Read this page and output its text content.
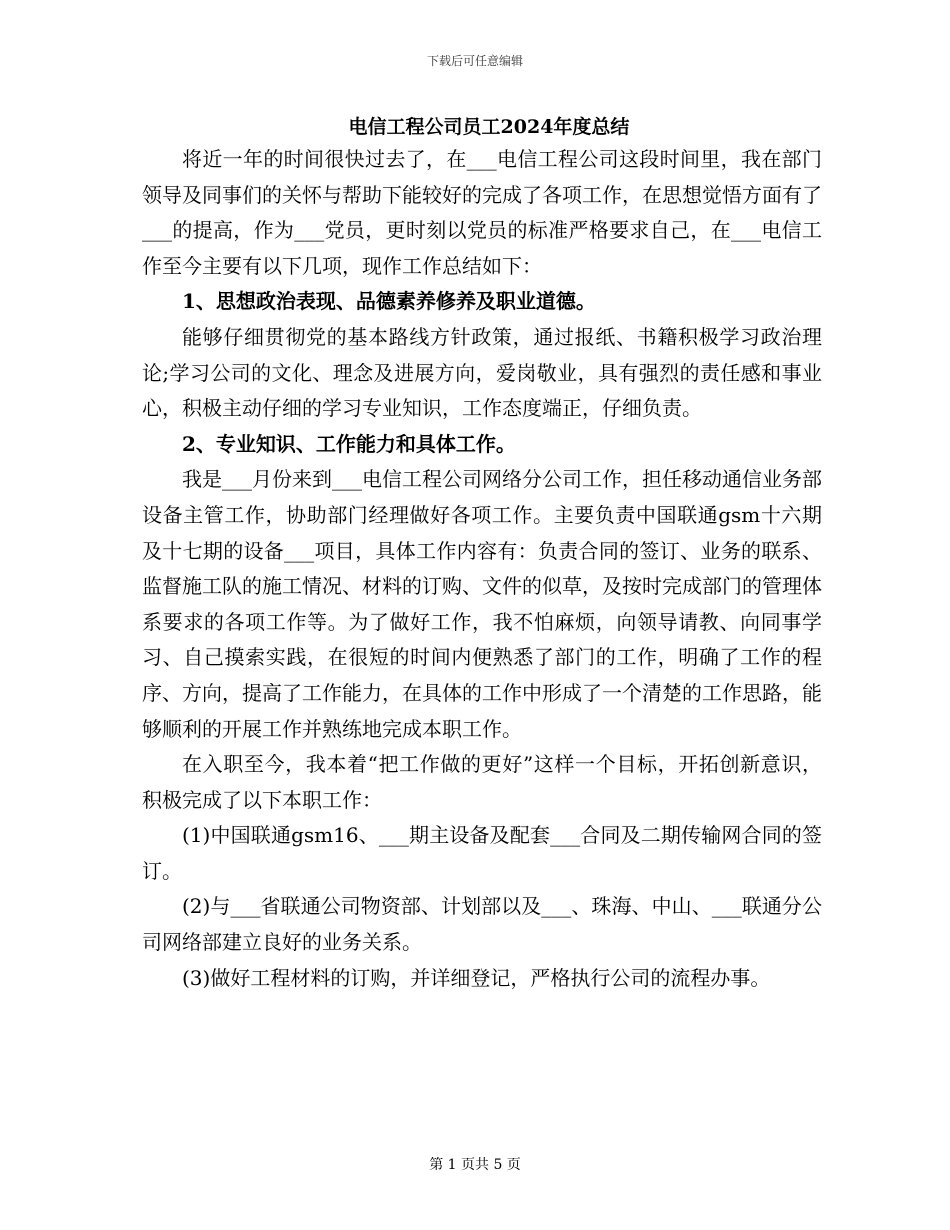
下载后可任意编辑
电信工程公司员工2024年度总结

将近一年的时间很快过去了，在___电信工程公司这段时间里，我在部门领导及同事们的关怀与帮助下能较好的完成了各项工作，在思想觉悟方面有了___的提高，作为___党员，更时刻以党员的标准严格要求自己，在___电信工作至今主要有以下几项，现作工作总结如下：

1、思想政治表现、品德素养修养及职业道德。

能够仔细贯彻党的基本路线方针政策，通过报纸、书籍积极学习政治理论;学习公司的文化、理念及进展方向，爱岗敬业，具有强烈的责任感和事业心，积极主动仔细的学习专业知识，工作态度端正，仔细负责。

2、专业知识、工作能力和具体工作。

我是___月份来到___电信工程公司网络分公司工作，担任移动通信业务部设备主管工作，协助部门经理做好各项工作。主要负责中国联通gsm十六期及十七期的设备___项目，具体工作内容有：负责合同的签订、业务的联系、监督施工队的施工情况、材料的订购、文件的似草，及按时完成部门的管理体系要求的各项工作等。为了做好工作，我不怕麻烦，向领导请教、向同事学习、自己摸索实践，在很短的时间内便熟悉了部门的工作，明确了工作的程序、方向，提高了工作能力，在具体的工作中形成了一个清楚的工作思路，能够顺利的开展工作并熟练地完成本职工作。

在入职至今，我本着“把工作做的更好”这样一个目标，开拓创新意识，积极完成了以下本职工作：

(1)中国联通gsm16、___期主设备及配套___合同及二期传输网合同的签订。

(2)与___省联通公司物资部、计划部以及___、珠海、中山、___联通分公司网络部建立良好的业务关系。

(3)做好工程材料的订购，并详细登记，严格执行公司的流程办事。

第 1 页共 5 页
